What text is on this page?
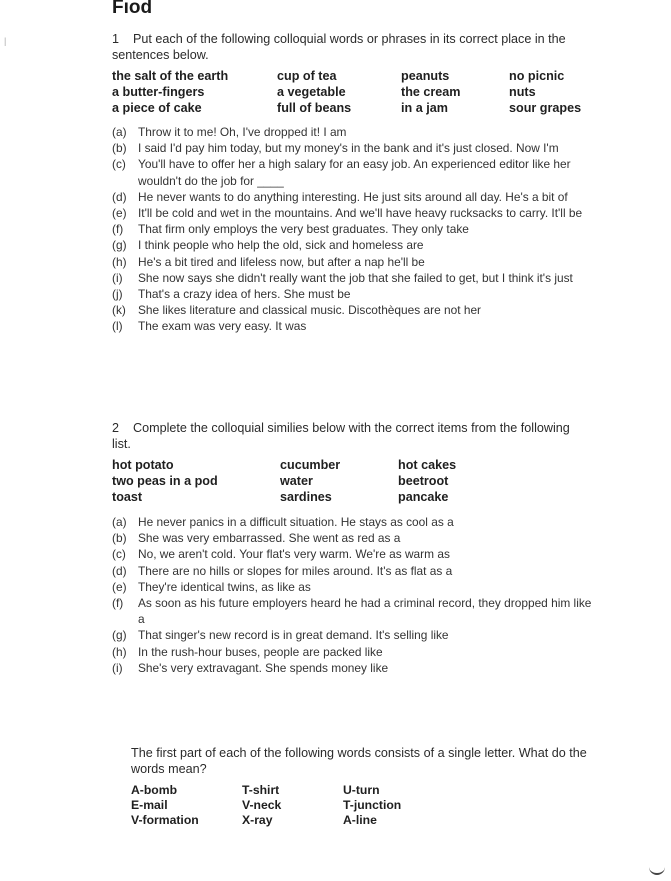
Fıod
|	1 Put each of the following colloquial words or phrases in its correct place in the sentences below.

the salt of the earth	cup of tea	peanuts	no picnic
a butter-fingers	a vegetable	the cream	nuts
a piece of cake	full of beans	in a jam	sour grapes
(a) Throw it to me! Oh, I've dropped it! I am
(b) I said I'd pay him today, but my money's in the bank and it's just closed. Now I'm
(c)	You'll have to offer her a high salary for an easy job. An experienced editor like her wouldn't do the job for ____
(d) He never wants to do anything interesting. He just sits around all day. He's a bit of
(e) It'll be cold and wet in the mountains. And we'll have heavy rucksacks to carry. It'll be
(f)	That firm only employs the very best graduates. They only take
(g) I think people who help the old, sick and homeless are
(h) He's a bit tired and lifeless now, but after a nap he'll be
(i)	She now says she didn't really want the job that she failed to get, but I think it's just
(j)	That's a crazy idea of hers. She must be
(k)	She likes literature and classical music. Discothèques are not her
(l)	The exam was very easy. It was

2 Complete the colloquial similies below with the correct items from the following list.

hot potato	cucumber	hot cakes
two peas in a pod	water	beetroot
toast	sardines	pancake
(a) He never panics in a difficult situation. He stays as cool as a
(b) She was very embarrassed. She went as red as a
(c)	No, we aren't cold. Your flat's very warm. We're as warm as
(d) There are no hills or slopes for miles around. It's as flat as a
(e) They're identical twins, as like as
(f)	As soon as his future employers heard he had a criminal record, they dropped him like a
(g) That singer's new record is in great demand. It's selling like
(h) In the rush-hour buses, people are packed like
(i)	She's very extravagant. She spends money like

The first part of each of the following words consists of a single letter. What do the words mean?

A-bomb	T-shirt	U-turn
E-mail	V-neck	T-junction
V-formation	X-ray	A-line
